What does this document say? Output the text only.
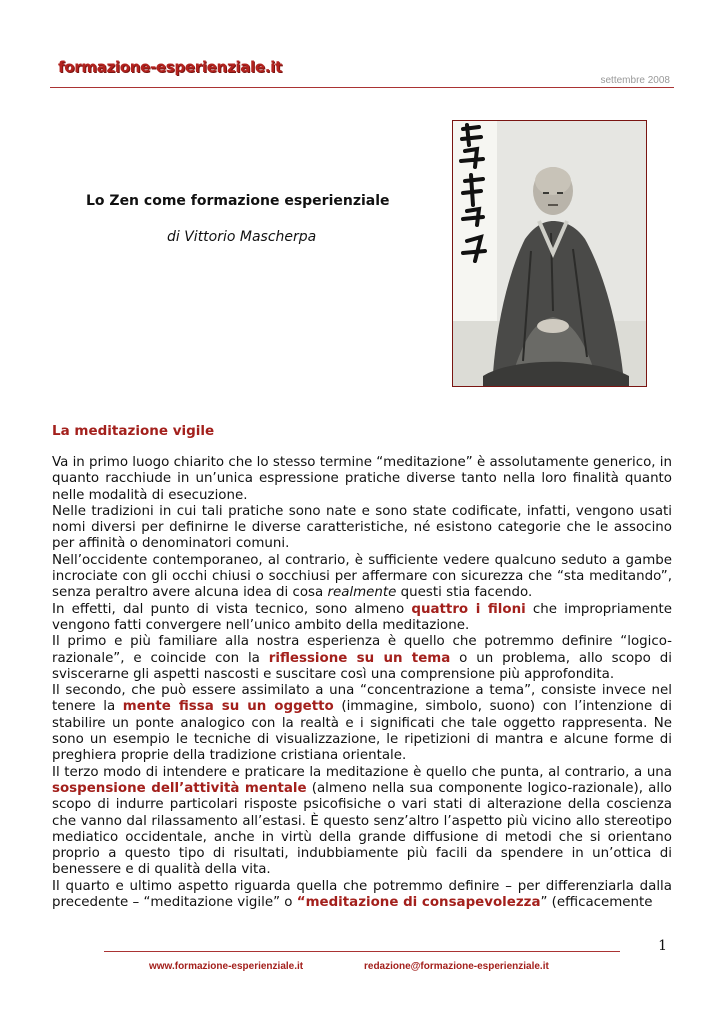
formazione-esperienziale.it
settembre 2008
Lo Zen come formazione esperienziale
di Vittorio Mascherpa
La meditazione vigile

Va in primo luogo chiarito che lo stesso termine “meditazione” è assolutamente generico, in quanto racchiude in un’unica espressione pratiche diverse tanto nella loro finalità quanto nelle modalità di esecuzione.

Nelle tradizioni in cui tali pratiche sono nate e sono state codificate, infatti, vengono usati nomi diversi per definirne le diverse caratteristiche, né esistono categorie che le associno per affinità o denominatori comuni.

Nell’occidente contemporaneo, al contrario, è sufficiente vedere qualcuno seduto a gambe incrociate con gli occhi chiusi o socchiusi per affermare con sicurezza che “sta meditando”, senza peraltro avere alcuna idea di cosa realmente questi stia facendo.

In effetti, dal punto di vista tecnico, sono almeno quattro i filoni che impropriamente vengono fatti convergere nell’unico ambito della meditazione.

Il primo e più familiare alla nostra esperienza è quello che potremmo definire “logico-razionale”, e coincide con la riflessione su un tema o un problema, allo scopo di sviscerarne gli aspetti nascosti e suscitare così una comprensione più approfondita.

Il secondo, che può essere assimilato a una “concentrazione a tema”, consiste invece nel tenere la mente fissa su un oggetto (immagine, simbolo, suono) con l’intenzione di stabilire un ponte analogico con la realtà e i significati che tale oggetto rappresenta. Ne sono un esempio le tecniche di visualizzazione, le ripetizioni di mantra e alcune forme di preghiera proprie della tradizione cristiana orientale.

Il terzo modo di intendere e praticare la meditazione è quello che punta, al contrario, a una sospensione dell’attività mentale (almeno nella sua componente logico-razionale), allo scopo di indurre particolari risposte psicofisiche o vari stati di alterazione della coscienza che vanno dal rilassamento all’estasi. È questo senz’altro l’aspetto più vicino allo stereotipo mediatico occidentale, anche in virtù della grande diffusione di metodi che si orientano proprio a questo tipo di risultati, indubbiamente più facili da spendere in un’ottica di benessere e di qualità della vita.

Il quarto e ultimo aspetto riguarda quella che potremmo definire – per differenziarla dalla precedente – “meditazione vigile” o “meditazione di consapevolezza” (efficacemente

1
www.formazione-esperienziale.it	redazione@formazione-esperienziale.it
